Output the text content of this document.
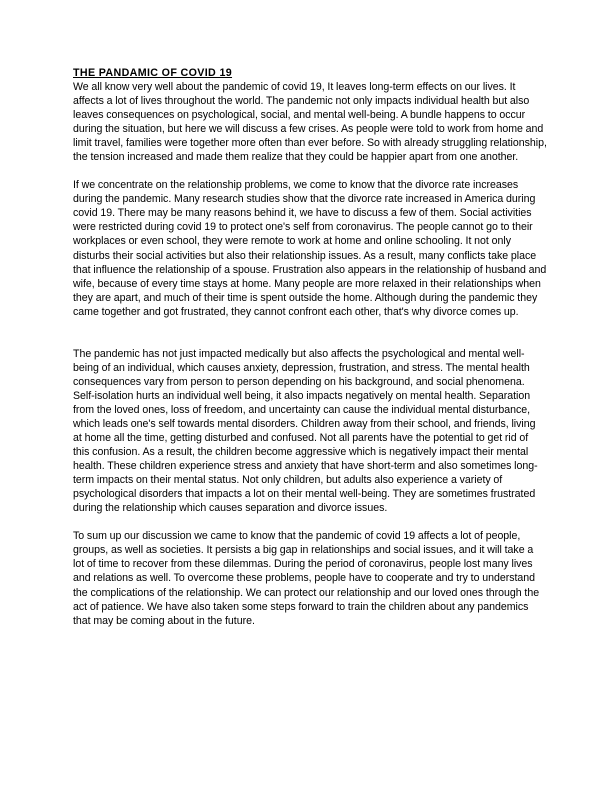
THE PANDAMIC OF COVID 19

We all know very well about the pandemic of covid 19, It leaves long-term effects on our lives. It affects a lot of lives throughout the world. The pandemic not only impacts individual health but also leaves consequences on psychological, social, and mental well-being. A bundle happens to occur during the situation, but here we will discuss a few crises. As people were told to work from home and limit travel, families were together more often than ever before. So with already struggling relationship, the tension increased and made them realize that they could be happier apart from one another.

If we concentrate on the relationship problems, we come to know that the divorce rate increases during the pandemic. Many research studies show that the divorce rate increased in America during covid 19. There may be many reasons behind it, we have to discuss a few of them. Social activities were restricted during covid 19 to protect one's self from coronavirus. The people cannot go to their workplaces or even school, they were remote to work at home and online schooling. It not only disturbs their social activities but also their relationship issues. As a result, many conflicts take place that influence the relationship of a spouse. Frustration also appears in the relationship of husband and wife, because of every time stays at home. Many people are more relaxed in their relationships when they are apart, and much of their time is spent outside the home. Although during the pandemic they came together and got frustrated, they cannot confront each other, that's why divorce comes up.

The pandemic has not just impacted medically but also affects the psychological and mental well-being of an individual, which causes anxiety, depression, frustration, and stress. The mental health consequences vary from person to person depending on his background, and social phenomena. Self-isolation hurts an individual well being, it also impacts negatively on mental health. Separation from the loved ones, loss of freedom, and uncertainty can cause the individual mental disturbance, which leads one's self towards mental disorders. Children away from their school, and friends, living at home all the time, getting disturbed and confused. Not all parents have the potential to get rid of this confusion. As a result, the children become aggressive which is negatively impact their mental health. These children experience stress and anxiety that have short-term and also sometimes long-term impacts on their mental status. Not only children, but adults also experience a variety of psychological disorders that impacts a lot on their mental well-being. They are sometimes frustrated during the relationship which causes separation and divorce issues.

To sum up our discussion we came to know that the pandemic of covid 19 affects a lot of people, groups, as well as societies. It persists a big gap in relationships and social issues, and it will take a lot of time to recover from these dilemmas. During the period of coronavirus, people lost many lives and relations as well. To overcome these problems, people have to cooperate and try to understand the complications of the relationship. We can protect our relationship and our loved ones through the act of patience. We have also taken some steps forward to train the children about any pandemics that may be coming about in the future.
